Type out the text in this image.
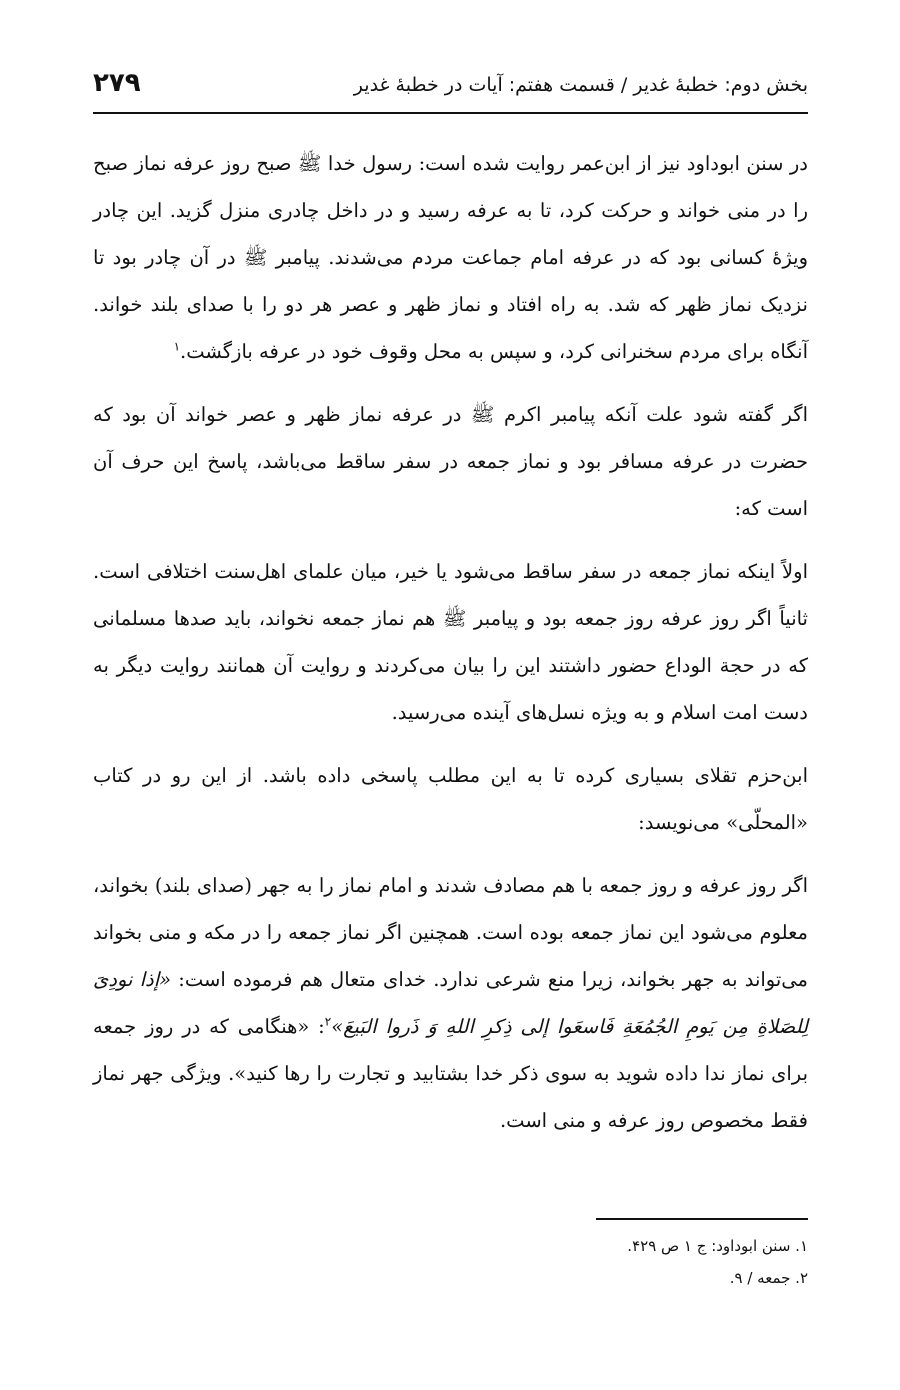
بخش دوم: خطبهٔ غدیر / قسمت هفتم: آیات در خطبهٔ غدیر
۲۷۹

در سنن ابوداود نیز از ابن‌عمر روایت شده است: رسول خدا ﷺ صبح روز عرفه نماز صبح را در منی خواند و حرکت کرد، تا به عرفه رسید و در داخل چادری منزل گزید. این چادر ویژهٔ کسانی بود که در عرفه امام جماعت مردم می‌شدند. پیامبر ﷺ در آن چادر بود تا نزدیک نماز ظهر که شد. به راه افتاد و نماز ظهر و عصر هر دو را با صدای بلند خواند. آنگاه برای مردم سخنرانی کرد، و سپس به محل وقوف خود در عرفه بازگشت.$^۱$

اگر گفته شود علت آنکه پیامبر اکرم ﷺ در عرفه نماز ظهر و عصر خواند آن بود که حضرت در عرفه مسافر بود و نماز جمعه در سفر ساقط می‌باشد، پاسخ این حرف آن است که:

اولاً اینکه نماز جمعه در سفر ساقط می‌شود یا خیر، میان علمای اهل‌سنت اختلافی است. ثانیاً اگر روز عرفه روز جمعه بود و پیامبر ﷺ هم نماز جمعه نخواند، باید صدها مسلمانی که در حجة الوداع حضور داشتند این را بیان می‌کردند و روایت آن همانند روایت دیگر به دست امت اسلام و به ویژه نسل‌های آینده می‌رسید.

ابن‌حزم تقلای بسیاری کرده تا به این مطلب پاسخی داده باشد. از این رو در کتاب «المحلّی» می‌نویسد:

اگر روز عرفه و روز جمعه با هم مصادف شدند و امام نماز را به جهر (صدای بلند) بخواند، معلوم می‌شود این نماز جمعه بوده است. همچنین اگر نماز جمعه را در مکه و منی بخواند می‌تواند به جهر بخواند، زیرا منع شرعی ندارد. خدای متعال هم فرموده است: «إذا نودِیَ لِلصَلاةِ مِن یَومِ الجُمُعَةِ فَاسعَوا إلی ذِکرِ اللهِ وَ ذَروا البَیعَ»$^۲$: «هنگامی که در روز جمعه برای نماز ندا داده شوید به سوی ذکر خدا بشتابید و تجارت را رها کنید». ویژگی جهر نماز فقط مخصوص روز عرفه و منی است.

۱. سنن ابوداود: ج ۱ ص ۴۲۹.
۲. جمعه / ۹.
